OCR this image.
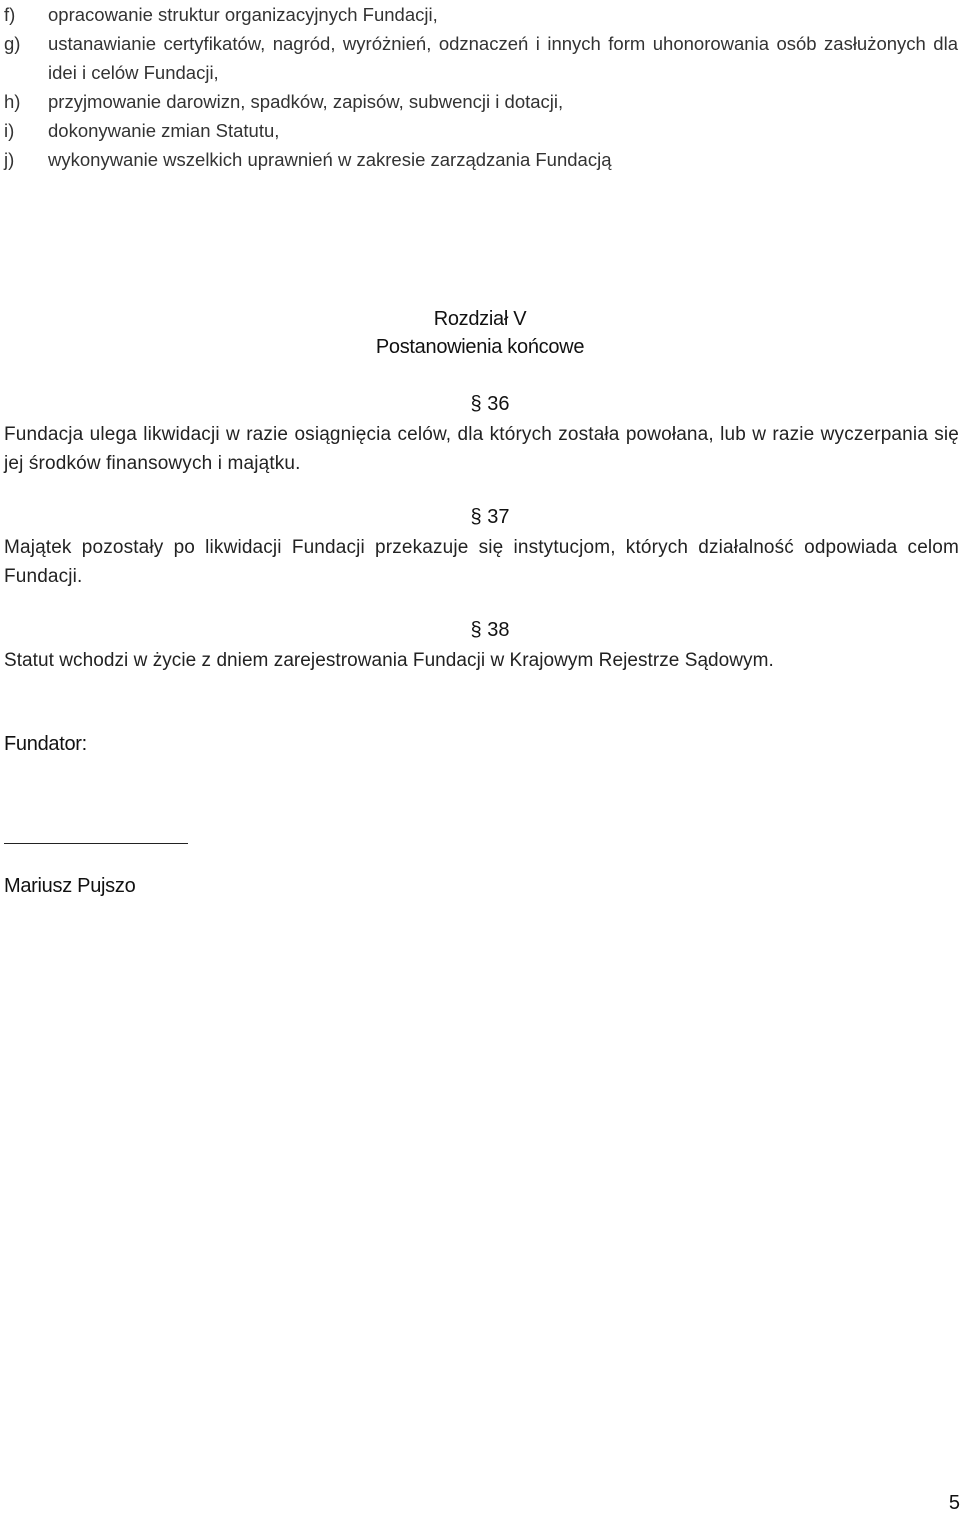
f)	opracowanie struktur organizacyjnych Fundacji,
g)	ustanawianie certyfikatów, nagród, wyróżnień, odznaczeń i innych form uhonorowania osób zasłużonych dla idei i celów Fundacji,
h)	przyjmowanie darowizn, spadków, zapisów, subwencji i dotacji,
i)	dokonywanie zmian Statutu,
j)	wykonywanie wszelkich uprawnień w zakresie zarządzania Fundacją
Rozdział V
Postanowienia końcowe
§ 36
Fundacja ulega likwidacji w razie osiągnięcia celów, dla których została powołana, lub w razie wyczerpania się jej środków finansowych i majątku.
§ 37
Majątek pozostały po likwidacji Fundacji przekazuje się instytucjom, których działalność odpowiada celom Fundacji.
§ 38
Statut wchodzi w życie z dniem zarejestrowania Fundacji w Krajowym Rejestrze Sądowym.
Fundator:
Mariusz Pujszo
5
